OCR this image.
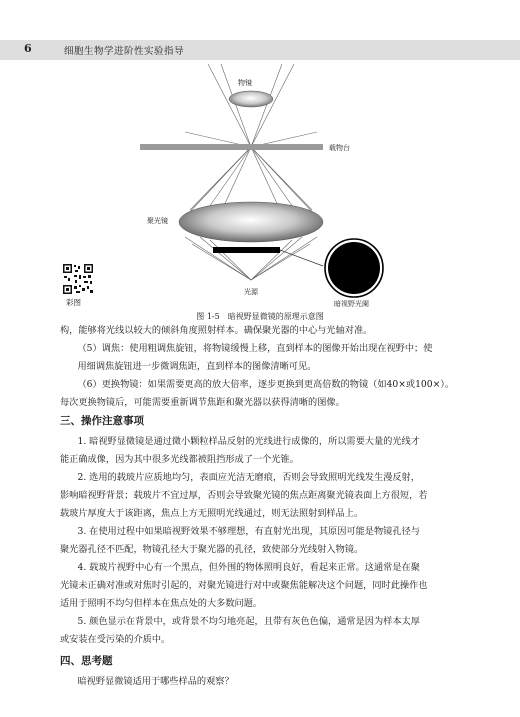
6	细胞生物学进阶性实验指导
物镜
载物台
聚光镜
暗视野光阑
光源
彩图
图 1-5　暗视野显微镜的原理示意图

构，能够将光线以较大的倾斜角度照射样本。确保聚光器的中心与光轴对准。

（5）调焦：使用粗调焦旋钮，将物镜缓慢上移，直到样本的图像开始出现在视野中；使

用细调焦旋钮进一步微调焦距，直到样本的图像清晰可见。

（6）更换物镜：如果需要更高的放大倍率，逐步更换到更高倍数的物镜（如40×或100×）。

每次更换物镜后，可能需要重新调节焦距和聚光器以获得清晰的图像。

三、操作注意事项

1. 暗视野显微镜是通过微小颗粒样品反射的光线进行成像的，所以需要大量的光线才

能正确成像，因为其中很多光线都被阻挡形成了一个光锥。

2. 选用的载玻片应质地均匀，表面应光洁无磨痕，否则会导致照明光线发生漫反射，

影响暗视野背景；载玻片不宜过厚，否则会导致聚光镜的焦点距离聚光镜表面上方很短，若

载玻片厚度大于该距离，焦点上方无照明光线通过，则无法照射到样品上。

3. 在使用过程中如果暗视野效果不够理想，有直射光出现，其原因可能是物镜孔径与

聚光器孔径不匹配，物镜孔径大于聚光器的孔径，致使部分光线射入物镜。

4. 载玻片视野中心有一个黑点，但外围的物体照明良好，看起来正常。这通常是在聚

光镜未正确对准或对焦时引起的，对聚光镜进行对中或聚焦能解决这个问题，同时此操作也

适用于照明不均匀但样本在焦点处的大多数问题。

5. 颜色显示在背景中，或背景不均匀地亮起，且带有灰色色偏，通常是因为样本太厚

或安装在受污染的介质中。

四、思考题

暗视野显微镜适用于哪些样品的观察？
